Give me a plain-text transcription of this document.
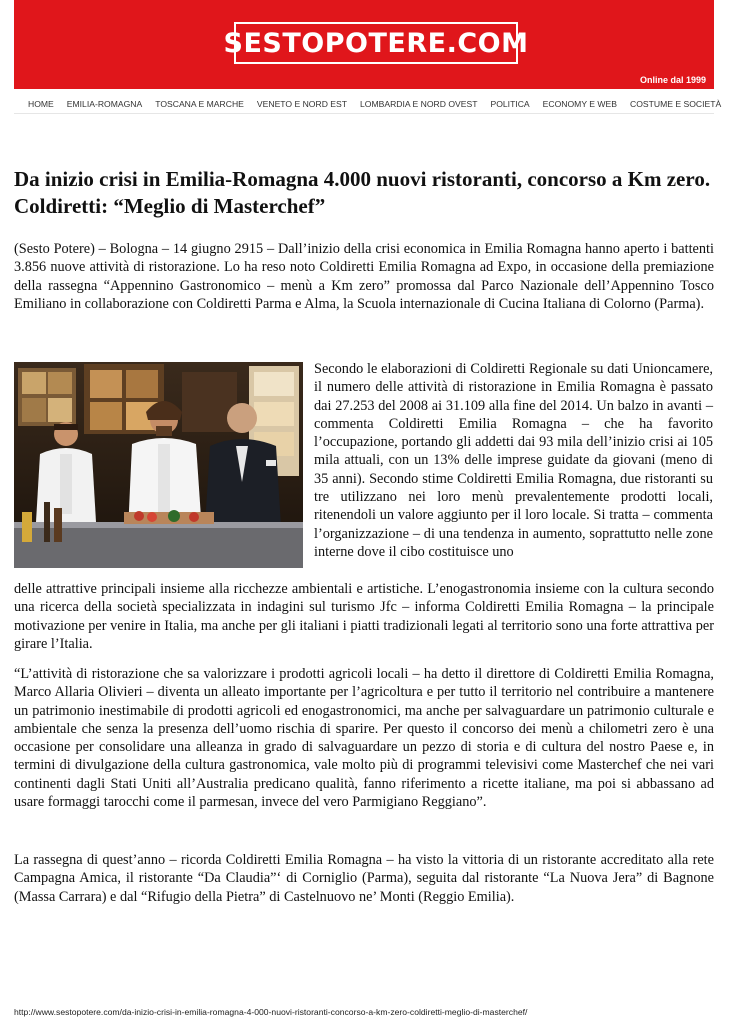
SESTOPOTERE.COM
Online dal 1999
HOME EMILIA-ROMAGNA TOSCANA E MARCHE VENETO E NORD EST LOMBARDIA E NORD OVEST POLITICA ECONOMY E WEB COSTUME E SOCIETÀ
Da inizio crisi in Emilia-Romagna 4.000 nuovi ristoranti, concorso a Km zero. Coldiretti: “Meglio di Masterchef”

(Sesto Potere) – Bologna – 14 giugno 2915 – Dall’inizio della crisi economica in Emilia Romagna hanno aperto i battenti 3.856 nuove attività di ristorazione. Lo ha reso noto Coldiretti Emilia Romagna ad Expo, in occasione della premiazione della rassegna “Appennino Gastronomico – menù a Km zero” promossa dal Parco Nazionale dell’Appennino Tosco Emiliano in collaborazione con Coldiretti Parma e Alma, la Scuola internazionale di Cucina Italiana di Colorno (Parma).

Secondo le elaborazioni di Coldiretti Regionale su dati Unioncamere, il numero delle attività di ristorazione in Emilia Romagna è passato dai 27.253 del 2008 ai 31.109 alla fine del 2014. Un balzo in avanti – commenta Coldiretti Emilia Romagna – che ha favorito l’occupazione, portando gli addetti dai 93 mila dell’inizio crisi ai 105 mila attuali, con un 13% delle imprese guidate da giovani (meno di 35 anni). Secondo stime Coldiretti Emilia Romagna, due ristoranti su tre utilizzano nei loro menù prevalentemente prodotti locali, ritenendoli un valore aggiunto per il loro locale. Si tratta – commenta l’organizzazione – di una tendenza in aumento, soprattutto nelle zone interne dove il cibo costituisce uno

delle attrattive principali insieme alla ricchezze ambientali e artistiche. L’enogastronomia insieme con la cultura secondo una ricerca della società specializzata in indagini sul turismo Jfc – informa Coldiretti Emilia Romagna – la principale motivazione per venire in Italia, ma anche per gli italiani i piatti tradizionali legati al territorio sono una forte attrattiva per girare l’Italia.

“L’attività di ristorazione che sa valorizzare i prodotti agricoli locali – ha detto il direttore di Coldiretti Emilia Romagna, Marco Allaria Olivieri – diventa un alleato importante per l’agricoltura e per tutto il territorio nel contribuire a mantenere un patrimonio inestimabile di prodotti agricoli ed enogastronomici, ma anche per salvaguardare un patrimonio culturale e ambientale che senza la presenza dell’uomo rischia di sparire. Per questo il concorso dei menù a chilometri zero è una occasione per consolidare una alleanza in grado di salvaguardare un pezzo di storia e di cultura del nostro Paese e, in termini di divulgazione della cultura gastronomica, vale molto più di programmi televisivi come Masterchef che nei vari continenti dagli Stati Uniti all’Australia predicano qualità, fanno riferimento a ricette italiane, ma poi si abbassano ad usare formaggi tarocchi come il parmesan, invece del vero Parmigiano Reggiano”.

La rassegna di quest’anno – ricorda Coldiretti Emilia Romagna – ha visto la vittoria di un ristorante accreditato alla rete Campagna Amica, il ristorante “Da Claudia”‘ di Corniglio (Parma), seguita dal ristorante “La Nuova Jera” di Bagnone (Massa Carrara) e dal “Rifugio della Pietra” di Castelnuovo ne’ Monti (Reggio Emilia).

http://www.sestopotere.com/da-inizio-crisi-in-emilia-romagna-4-000-nuovi-ristoranti-concorso-a-km-zero-coldiretti-meglio-di-masterchef/
